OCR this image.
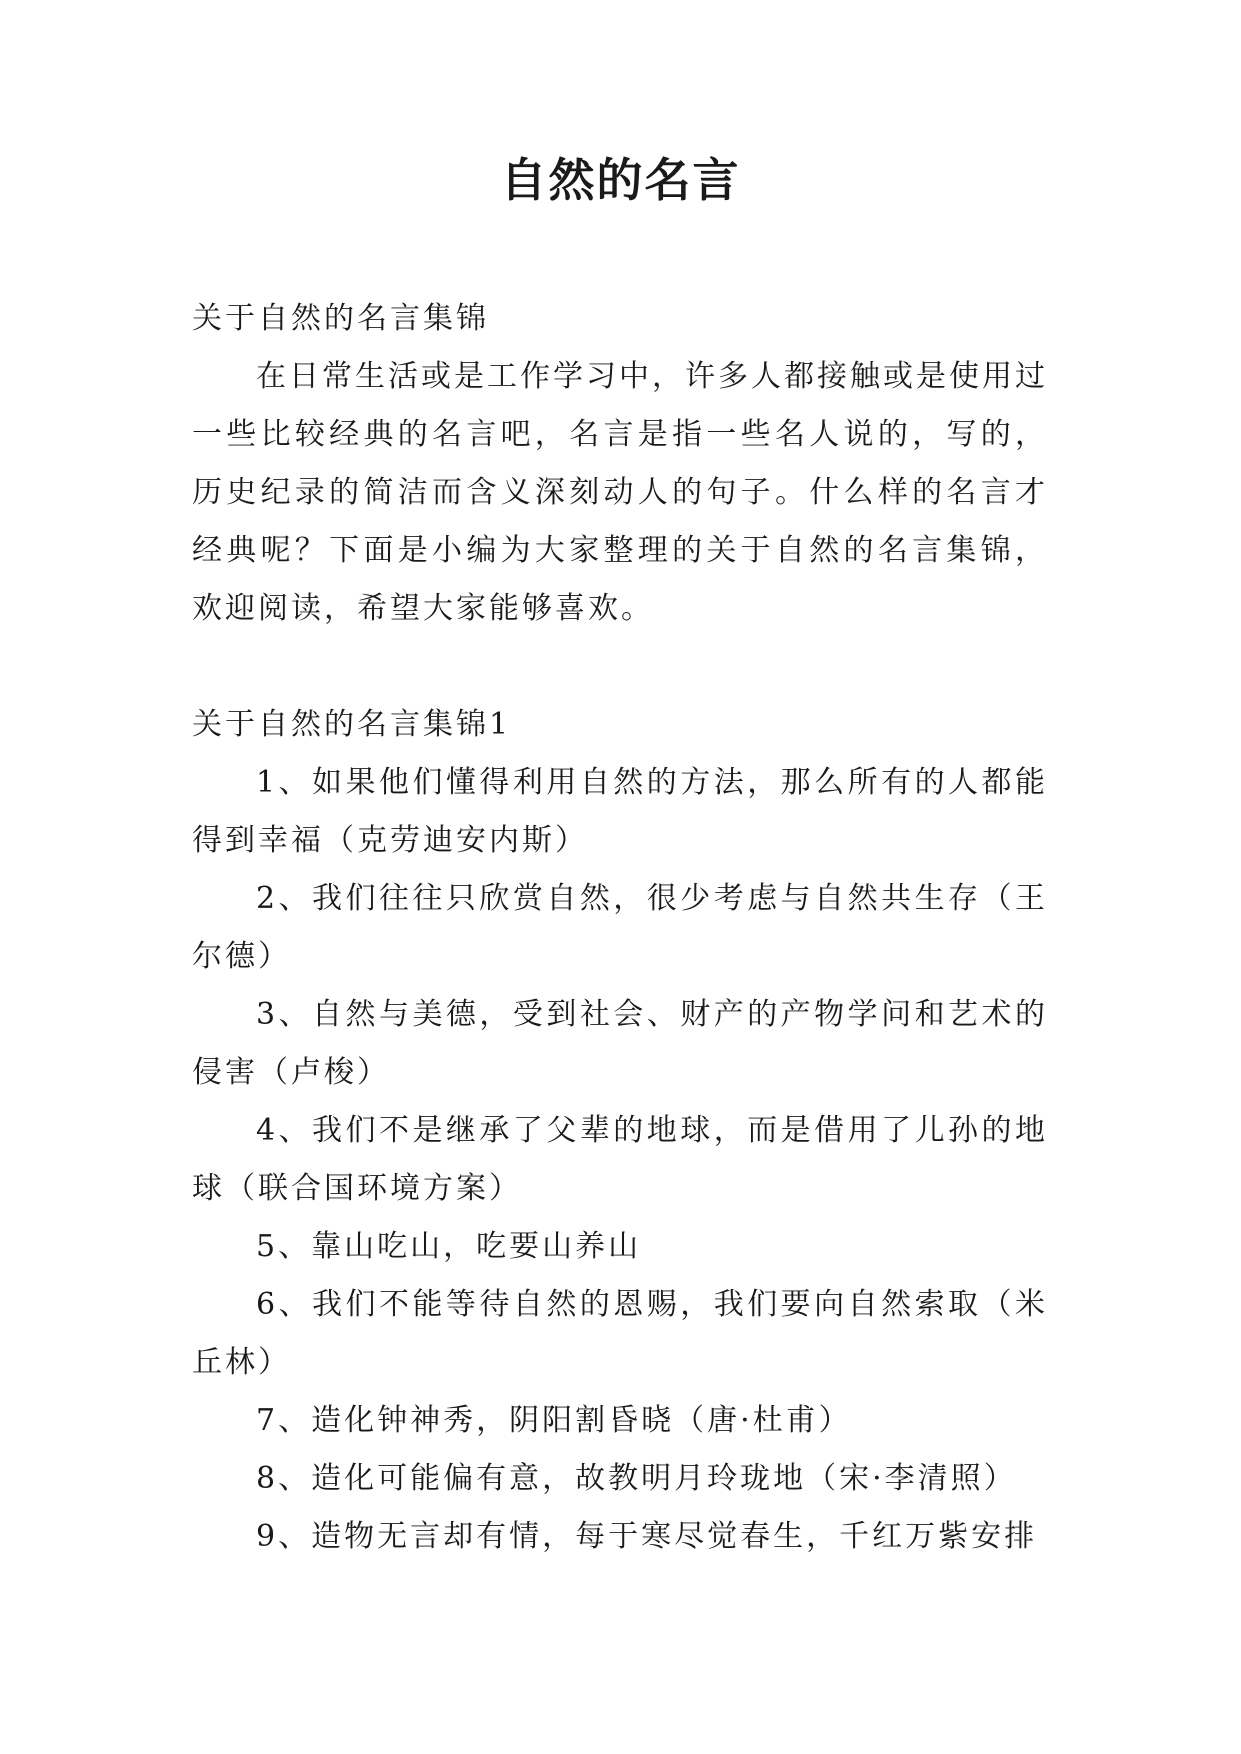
自然的名言

关于自然的名言集锦

在日常生活或是工作学习中，许多人都接触或是使用过一些比较经典的名言吧，名言是指一些名人说的，写的，历史纪录的简洁而含义深刻动人的句子。什么样的名言才经典呢？下面是小编为大家整理的关于自然的名言集锦，欢迎阅读，希望大家能够喜欢。

关于自然的名言集锦1

1、如果他们懂得利用自然的方法，那么所有的人都能得到幸福（克劳迪安内斯）

2、我们往往只欣赏自然，很少考虑与自然共生存（王尔德）

3、自然与美德，受到社会、财产的产物学问和艺术的侵害（卢梭）

4、我们不是继承了父辈的地球，而是借用了儿孙的地球（联合国环境方案）

5、靠山吃山，吃要山养山

6、我们不能等待自然的恩赐，我们要向自然索取（米丘林）

7、造化钟神秀，阴阳割昏晓（唐·杜甫）

8、造化可能偏有意，故教明月玲珑地（宋·李清照）

9、造物无言却有情，每于寒尽觉春生，千红万紫安排
